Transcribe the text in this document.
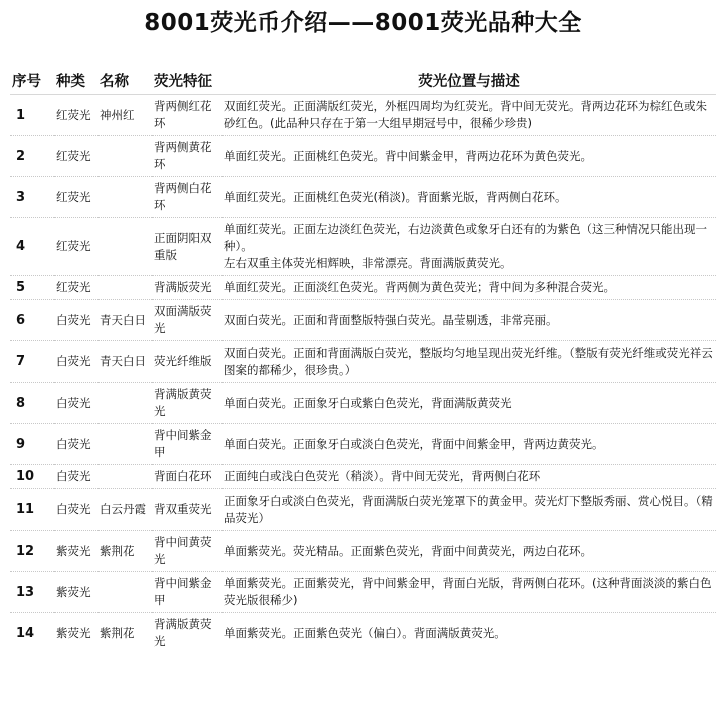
8001荧光币介绍——8001荧光品种大全
序号	种类	名称	荧光特征	荧光位置与描述
1	红荧光	神州红	背两侧红花环	双面红荧光。正面满版红荧光，外框四周均为红荧光。背中间无荧光。背两边花环为棕红色或朱砂红色。(此品种只存在于第一大组早期冠号中，很稀少珍贵)

2	红荧光		背两侧黄花环	单面红荧光。正面桃红色荧光。背中间紫金甲，背两边花环为黄色荧光。

3	红荧光		背两侧白花环	单面红荧光。正面桃红色荧光(稍淡)。背面紫光版，背两侧白花环。

4	红荧光		正面阴阳双重版	单面红荧光。正面左边淡红色荧光，右边淡黄色或象牙白还有的为紫色（这三种情况只能出现一种）。
左右双重主体荧光相辉映，非常漂亮。背面满版黄荧光。

5	红荧光		背满版荧光	单面红荧光。正面淡红色荧光。背两侧为黄色荧光；背中间为多种混合荧光。

6	白荧光	青天白日	双面满版荧光	双面白荧光。正面和背面整版特强白荧光。晶莹剔透，非常亮丽。

7	白荧光	青天白日	荧光纤维版	双面白荧光。正面和背面满版白荧光，整版均匀地呈现出荧光纤维。（整版有荧光纤维或荧光祥云图案的都稀少，很珍贵。）

8	白荧光		背满版黄荧光	单面白荧光。正面象牙白或紫白色荧光，背面满版黄荧光

9	白荧光		背中间紫金甲	单面白荧光。正面象牙白或淡白色荧光，背面中间紫金甲，背两边黄荧光。

10	白荧光		背面白花环	正面纯白或浅白色荧光（稍淡）。背中间无荧光，背两侧白花环

11	白荧光	白云丹霞	背双重荧光	正面象牙白或淡白色荧光，背面满版白荧光笼罩下的黄金甲。荧光灯下整版秀丽、赏心悦目。（精品荧光）

12	紫荧光	紫荆花	背中间黄荧光	单面紫荧光。荧光精品。正面紫色荧光，背面中间黄荧光，两边白花环。

13	紫荧光		背中间紫金甲	单面紫荧光。正面紫荧光，背中间紫金甲，背面白光版，背两侧白花环。(这种背面淡淡的紫白色荧光版很稀少)

14	紫荧光	紫荆花	背满版黄荧光	单面紫荧光。正面紫色荧光（偏白）。背面满版黄荧光。
